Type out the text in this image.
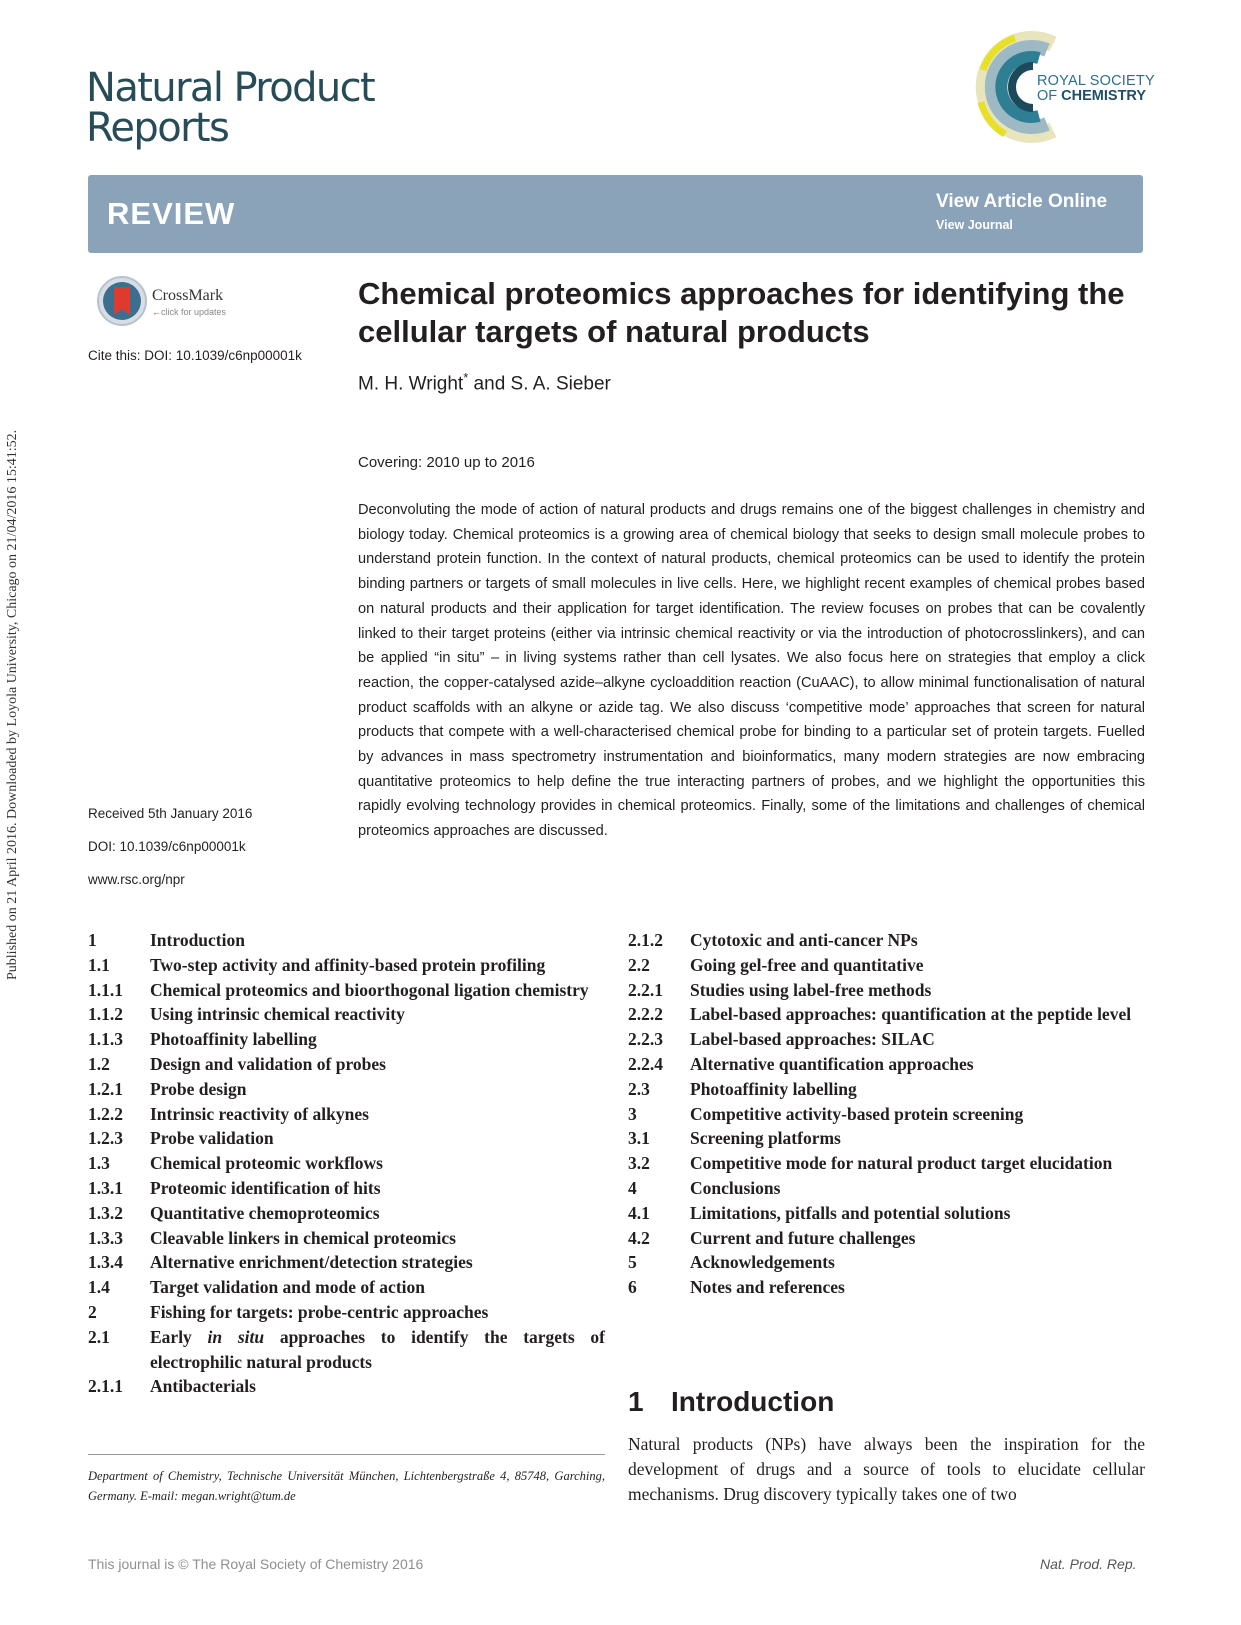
Published on 21 April 2016. Downloaded by Loyola University, Chicago on 21/04/2016 15:41:52.
Natural Product
Reports
ROYAL SOCIETY
OF CHEMISTRY
REVIEW	View Article Online
View Journal
CrossMark
←click for updates
Cite this: DOI: 10.1039/c6np00001k
Chemical proteomics approaches for identifying the cellular targets of natural products
M. H. Wright* and S. A. Sieber
Covering: 2010 up to 2016

Deconvoluting the mode of action of natural products and drugs remains one of the biggest challenges in chemistry and biology today. Chemical proteomics is a growing area of chemical biology that seeks to design small molecule probes to understand protein function. In the context of natural products, chemical proteomics can be used to identify the protein binding partners or targets of small molecules in live cells. Here, we highlight recent examples of chemical probes based on natural products and their application for target identification. The review focuses on probes that can be covalently linked to their target proteins (either via intrinsic chemical reactivity or via the introduction of photocrosslinkers), and can be applied “in situ” – in living systems rather than cell lysates. We also focus here on strategies that employ a click reaction, the copper-catalysed azide–alkyne cycloaddition reaction (CuAAC), to allow minimal functionalisation of natural product scaffolds with an alkyne or azide tag. We also discuss ‘competitive mode’ approaches that screen for natural products that compete with a well-characterised chemical probe for binding to a particular set of protein targets. Fuelled by advances in mass spectrometry instrumentation and bioinformatics, many modern strategies are now embracing quantitative proteomics to help define the true interacting partners of probes, and we highlight the opportunities this rapidly evolving technology provides in chemical proteomics. Finally, some of the limitations and challenges of chemical proteomics approaches are discussed.

Received 5th January 2016
DOI: 10.1039/c6np00001k
www.rsc.org/npr
1	Introduction
1.1	Two-step activity and affinity-based protein profiling
1.1.1	Chemical proteomics and bioorthogonal ligation chemistry
1.1.2	Using intrinsic chemical reactivity
1.1.3	Photoaffinity labelling
1.2	Design and validation of probes
1.2.1	Probe design
1.2.2	Intrinsic reactivity of alkynes
1.2.3	Probe validation
1.3	Chemical proteomic workflows
1.3.1	Proteomic identification of hits
1.3.2	Quantitative chemoproteomics
1.3.3	Cleavable linkers in chemical proteomics
1.3.4	Alternative enrichment/detection strategies
1.4	Target validation and mode of action
2	Fishing for targets: probe-centric approaches
2.1	Early in situ approaches to identify the targets of electrophilic natural products
2.1.1	Antibacterials
2.1.2	Cytotoxic and anti-cancer NPs
2.2	Going gel-free and quantitative
2.2.1	Studies using label-free methods
2.2.2	Label-based approaches: quantification at the peptide level
2.2.3	Label-based approaches: SILAC
2.2.4	Alternative quantification approaches
2.3	Photoaffinity labelling
3	Competitive activity-based protein screening
3.1	Screening platforms
3.2	Competitive mode for natural product target elucidation
4	Conclusions
4.1	Limitations, pitfalls and potential solutions
4.2	Current and future challenges
5	Acknowledgements
6	Notes and references

Department of Chemistry, Technische Universität München, Lichtenbergstraße 4, 85748, Garching, Germany. E-mail: megan.wright@tum.de

1 Introduction

Natural products (NPs) have always been the inspiration for the development of drugs and a source of tools to elucidate cellular mechanisms. Drug discovery typically takes one of two

This journal is © The Royal Society of Chemistry 2016	Nat. Prod. Rep.
